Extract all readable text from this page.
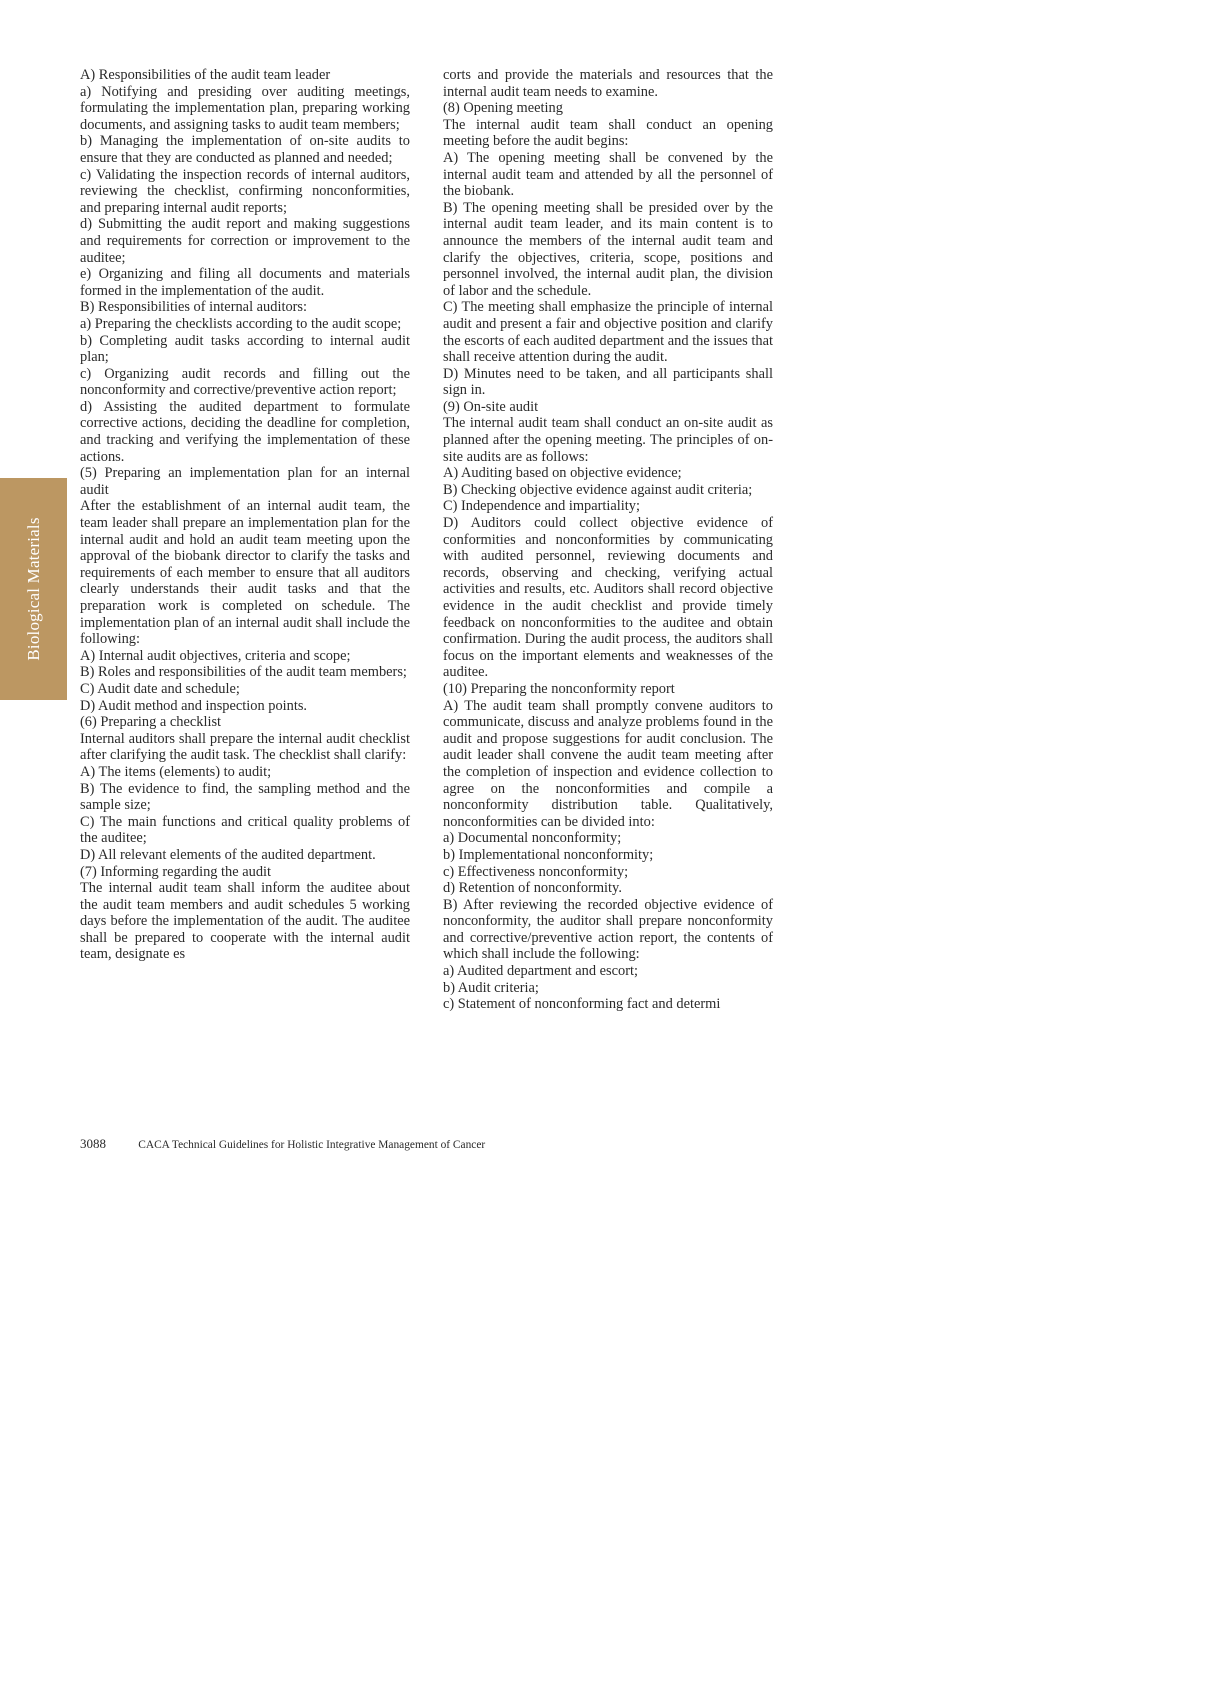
Biological Materials

A) Responsibilities of the audit team leader

a) Notifying and presiding over auditing meetings, formulating the implementation plan, preparing working documents, and assigning tasks to audit team members;

b) Managing the implementation of on-site audits to ensure that they are conducted as planned and needed;

c) Validating the inspection records of internal auditors, reviewing the checklist, confirming nonconformities, and preparing internal audit reports;

d) Submitting the audit report and making suggestions and requirements for correction or improvement to the auditee;

e) Organizing and filing all documents and materials formed in the implementation of the audit.

B) Responsibilities of internal auditors:

a) Preparing the checklists according to the audit scope;

b) Completing audit tasks according to internal audit plan;

c) Organizing audit records and filling out the nonconformity and corrective/preventive action report;

d) Assisting the audited department to formulate corrective actions, deciding the deadline for completion, and tracking and verifying the implementation of these actions.

(5) Preparing an implementation plan for an internal audit

After the establishment of an internal audit team, the team leader shall prepare an implementation plan for the internal audit and hold an audit team meeting upon the approval of the biobank director to clarify the tasks and requirements of each member to ensure that all auditors clearly understands their audit tasks and that the preparation work is completed on schedule. The implementation plan of an internal audit shall include the following:

A) Internal audit objectives, criteria and scope;

B) Roles and responsibilities of the audit team members;

C) Audit date and schedule;

D) Audit method and inspection points.

(6) Preparing a checklist

Internal auditors shall prepare the internal audit checklist after clarifying the audit task. The checklist shall clarify:

A) The items (elements) to audit;

B) The evidence to find, the sampling method and the sample size;

C) The main functions and critical quality problems of the auditee;

D) All relevant elements of the audited department.

(7) Informing regarding the audit

The internal audit team shall inform the auditee about the audit team members and audit schedules 5 working days before the implementation of the audit. The auditee shall be prepared to cooperate with the internal audit team, designate es

corts and provide the materials and resources that the internal audit team needs to examine.

(8) Opening meeting

The internal audit team shall conduct an opening meeting before the audit begins:

A) The opening meeting shall be convened by the internal audit team and attended by all the personnel of the biobank.

B) The opening meeting shall be presided over by the internal audit team leader, and its main content is to announce the members of the internal audit team and clarify the objectives, criteria, scope, positions and personnel involved, the internal audit plan, the division of labor and the schedule.

C) The meeting shall emphasize the principle of internal audit and present a fair and objective position and clarify the escorts of each audited department and the issues that shall receive attention during the audit.

D) Minutes need to be taken, and all participants shall sign in.

(9) On-site audit

The internal audit team shall conduct an on-site audit as planned after the opening meeting. The principles of on-site audits are as follows:

A) Auditing based on objective evidence;

B) Checking objective evidence against audit criteria;

C) Independence and impartiality;

D) Auditors could collect objective evidence of conformities and nonconformities by communicating with audited personnel, reviewing documents and records, observing and checking, verifying actual activities and results, etc. Auditors shall record objective evidence in the audit checklist and provide timely feedback on nonconformities to the auditee and obtain confirmation. During the audit process, the auditors shall focus on the important elements and weaknesses of the auditee.

(10) Preparing the nonconformity report

A) The audit team shall promptly convene auditors to communicate, discuss and analyze problems found in the audit and propose suggestions for audit conclusion. The audit leader shall convene the audit team meeting after the completion of inspection and evidence collection to agree on the nonconformities and compile a nonconformity distribution table. Qualitatively, nonconformities can be divided into:

a) Documental nonconformity;

b) Implementational nonconformity;

c) Effectiveness nonconformity;

d) Retention of nonconformity.

B) After reviewing the recorded objective evidence of nonconformity, the auditor shall prepare nonconformity and corrective/preventive action report, the contents of which shall include the following:

a) Audited department and escort;

b) Audit criteria;

c) Statement of nonconforming fact and determi

3088	CACA Technical Guidelines for Holistic Integrative Management of Cancer
